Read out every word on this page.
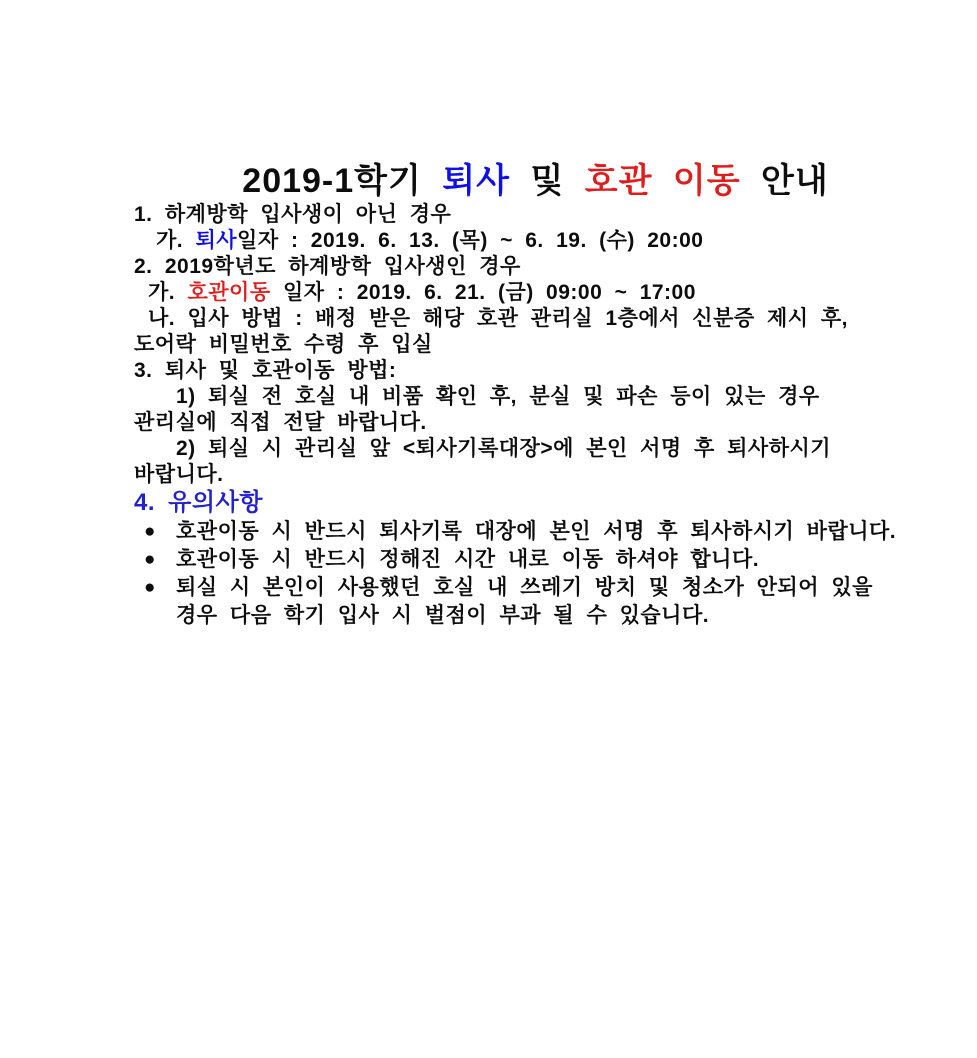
2019-1학기 퇴사 및 호관 이동 안내

1. 하계방학 입사생이 아닌 경우

가. 퇴사일자 : 2019. 6. 13. (목) ~ 6. 19. (수) 20:00

2. 2019학년도 하계방학 입사생인 경우

가. 호관이동 일자 : 2019. 6. 21. (금) 09:00 ~ 17:00

나. 입사 방법 : 배정 받은 해당 호관 관리실 1층에서 신분증 제시 후,

도어락 비밀번호 수령 후 입실

3. 퇴사 및 호관이동 방법:

1) 퇴실 전 호실 내 비품 확인 후, 분실 및 파손 등이 있는 경우

관리실에 직접 전달 바랍니다.

2) 퇴실 시 관리실 앞 <퇴사기록대장>에 본인 서명 후 퇴사하시기

바랍니다.

4. 유의사항

● 호관이동 시 반드시 퇴사기록 대장에 본인 서명 후 퇴사하시기 바랍니다.

● 호관이동 시 반드시 정해진 시간 내로 이동 하셔야 합니다.

● 퇴실 시 본인이 사용했던 호실 내 쓰레기 방치 및 청소가 안되어 있을

경우 다음 학기 입사 시 벌점이 부과 될 수 있습니다.
